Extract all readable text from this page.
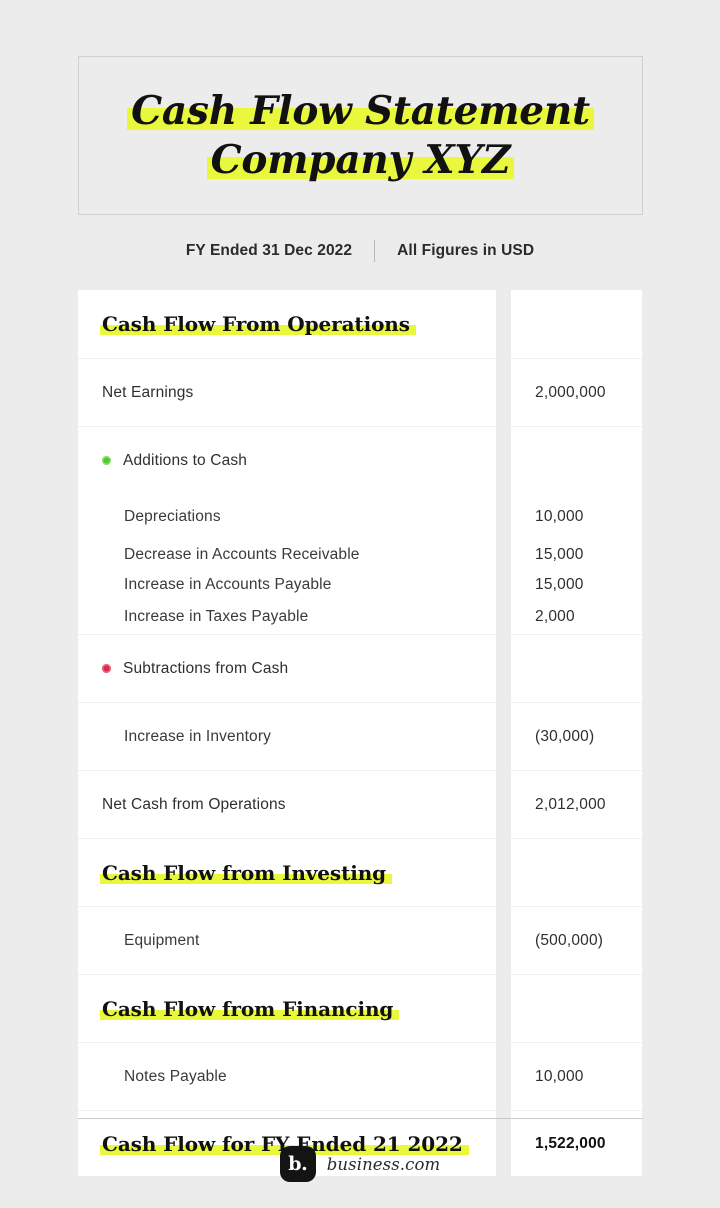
Cash Flow Statement
Company XYZ
FY Ended 31 Dec 2022	All Figures in USD
Cash Flow From Operations
Net Earnings	2,000,000
Additions to Cash
Depreciations	10,000
Decrease in Accounts Receivable	15,000
Increase in Accounts Payable	15,000
Increase in Taxes Payable	2,000
Subtractions from Cash
Increase in Inventory	(30,000)
Net Cash from Operations	2,012,000
Cash Flow from Investing
Equipment	(500,000)
Cash Flow from Financing
Notes Payable	10,000
Cash Flow for FY Ended 21 2022	1,522,000
b.	business.com
